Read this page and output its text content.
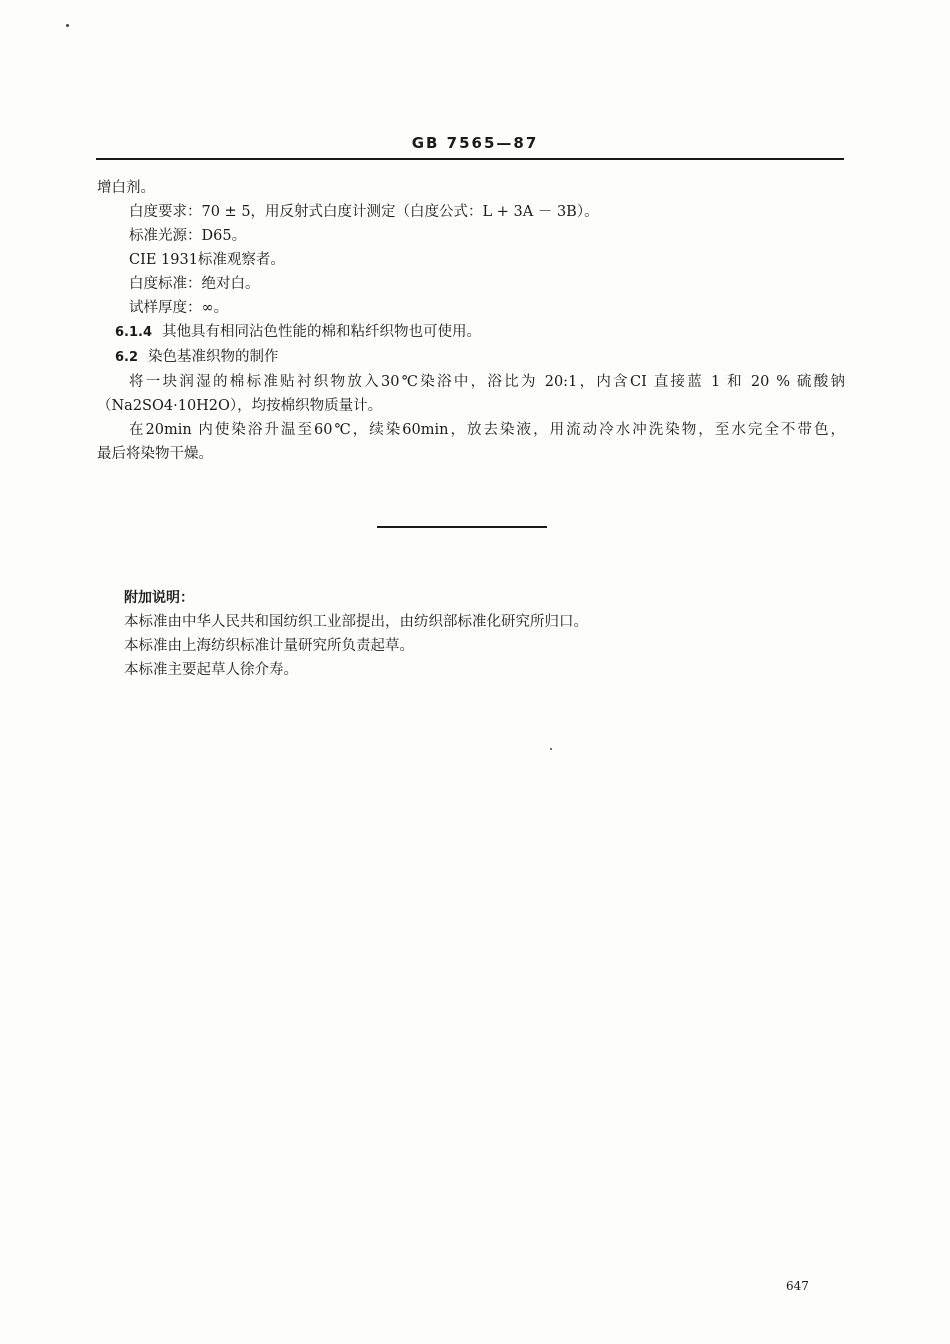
GB 7565—87

增白剂。

白度要求：70 ± 5，用反射式白度计测定（白度公式：L + 3A － 3B）。

标准光源：D65。

CIE 1931标准观察者。

白度标准：绝对白。

试样厚度：∞。

6.1.4 其他具有相同沾色性能的棉和粘纤织物也可使用。

6.2 染色基准织物的制作

将一块润湿的棉标准贴衬织物放入30℃染浴中，浴比为 20:1，内含CI 直接蓝 1 和 20 % 硫酸钠

（Na2SO4·10H2O），均按棉织物质量计。

在20min 内使染浴升温至60℃，续染60min，放去染液，用流动冷水冲洗染物，至水完全不带色，

最后将染物干燥。

附加说明：

本标准由中华人民共和国纺织工业部提出，由纺织部标准化研究所归口。

本标准由上海纺织标准计量研究所负责起草。

本标准主要起草人徐介寿。

647
